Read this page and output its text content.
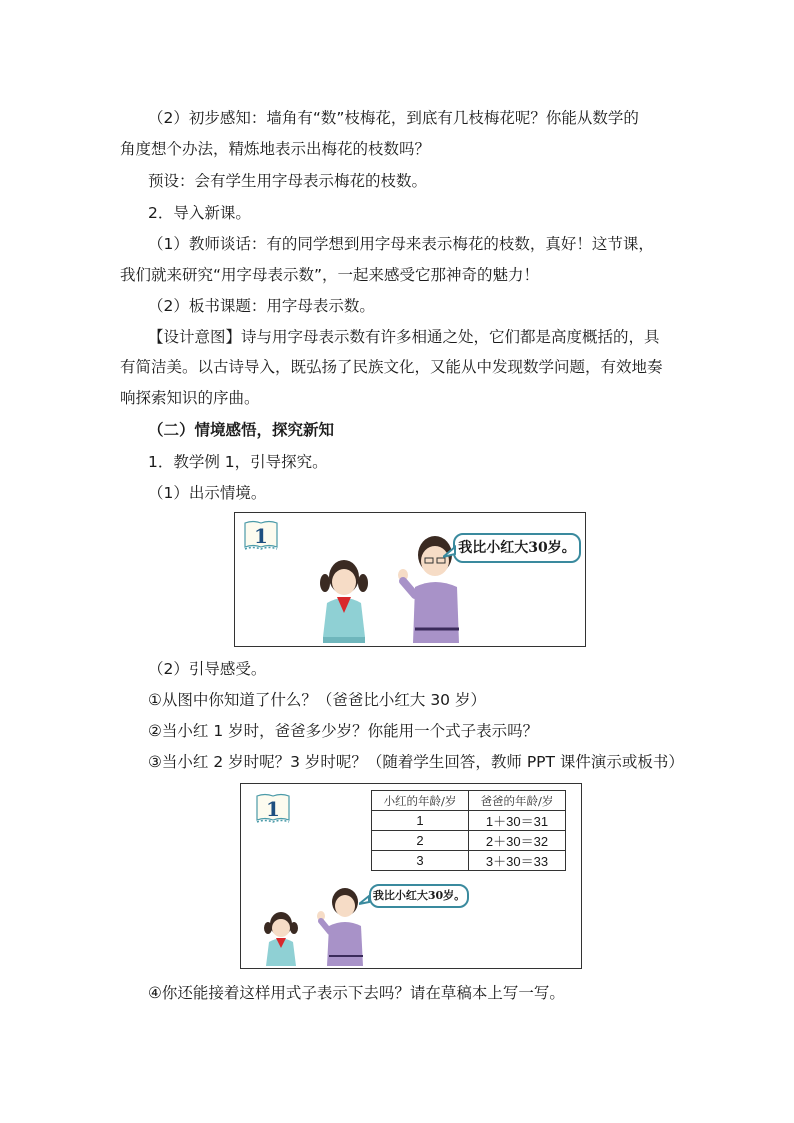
（2）初步感知：墙角有“数”枝梅花，到底有几枝梅花呢？你能从数学的
角度想个办法，精炼地表示出梅花的枝数吗？
预设：会有学生用字母表示梅花的枝数。
2．导入新课。
（1）教师谈话：有的同学想到用字母来表示梅花的枝数，真好！这节课，
我们就来研究“用字母表示数”，一起来感受它那神奇的魅力！
（2）板书课题：用字母表示数。
【设计意图】诗与用字母表示数有许多相通之处，它们都是高度概括的，具
有简洁美。以古诗导入，既弘扬了民族文化，又能从中发现数学问题，有效地奏
响探索知识的序曲。
（二）情境感悟，探究新知
1．教学例 1，引导探究。
（1）出示情境。
1	我比小红大30岁。
（2）引导感受。
①从图中你知道了什么？（爸爸比小红大 30 岁）
②当小红 1 岁时，爸爸多少岁？你能用一个式子表示吗？
③当小红 2 岁时呢？3 岁时呢？（随着学生回答，教师 PPT 课件演示或板书）
1	小红的年龄/岁	爸爸的年龄/岁
1	1＋30＝31
2	2＋30＝32
3	3＋30＝33
我比小红大30岁。
④你还能接着这样用式子表示下去吗？请在草稿本上写一写。
